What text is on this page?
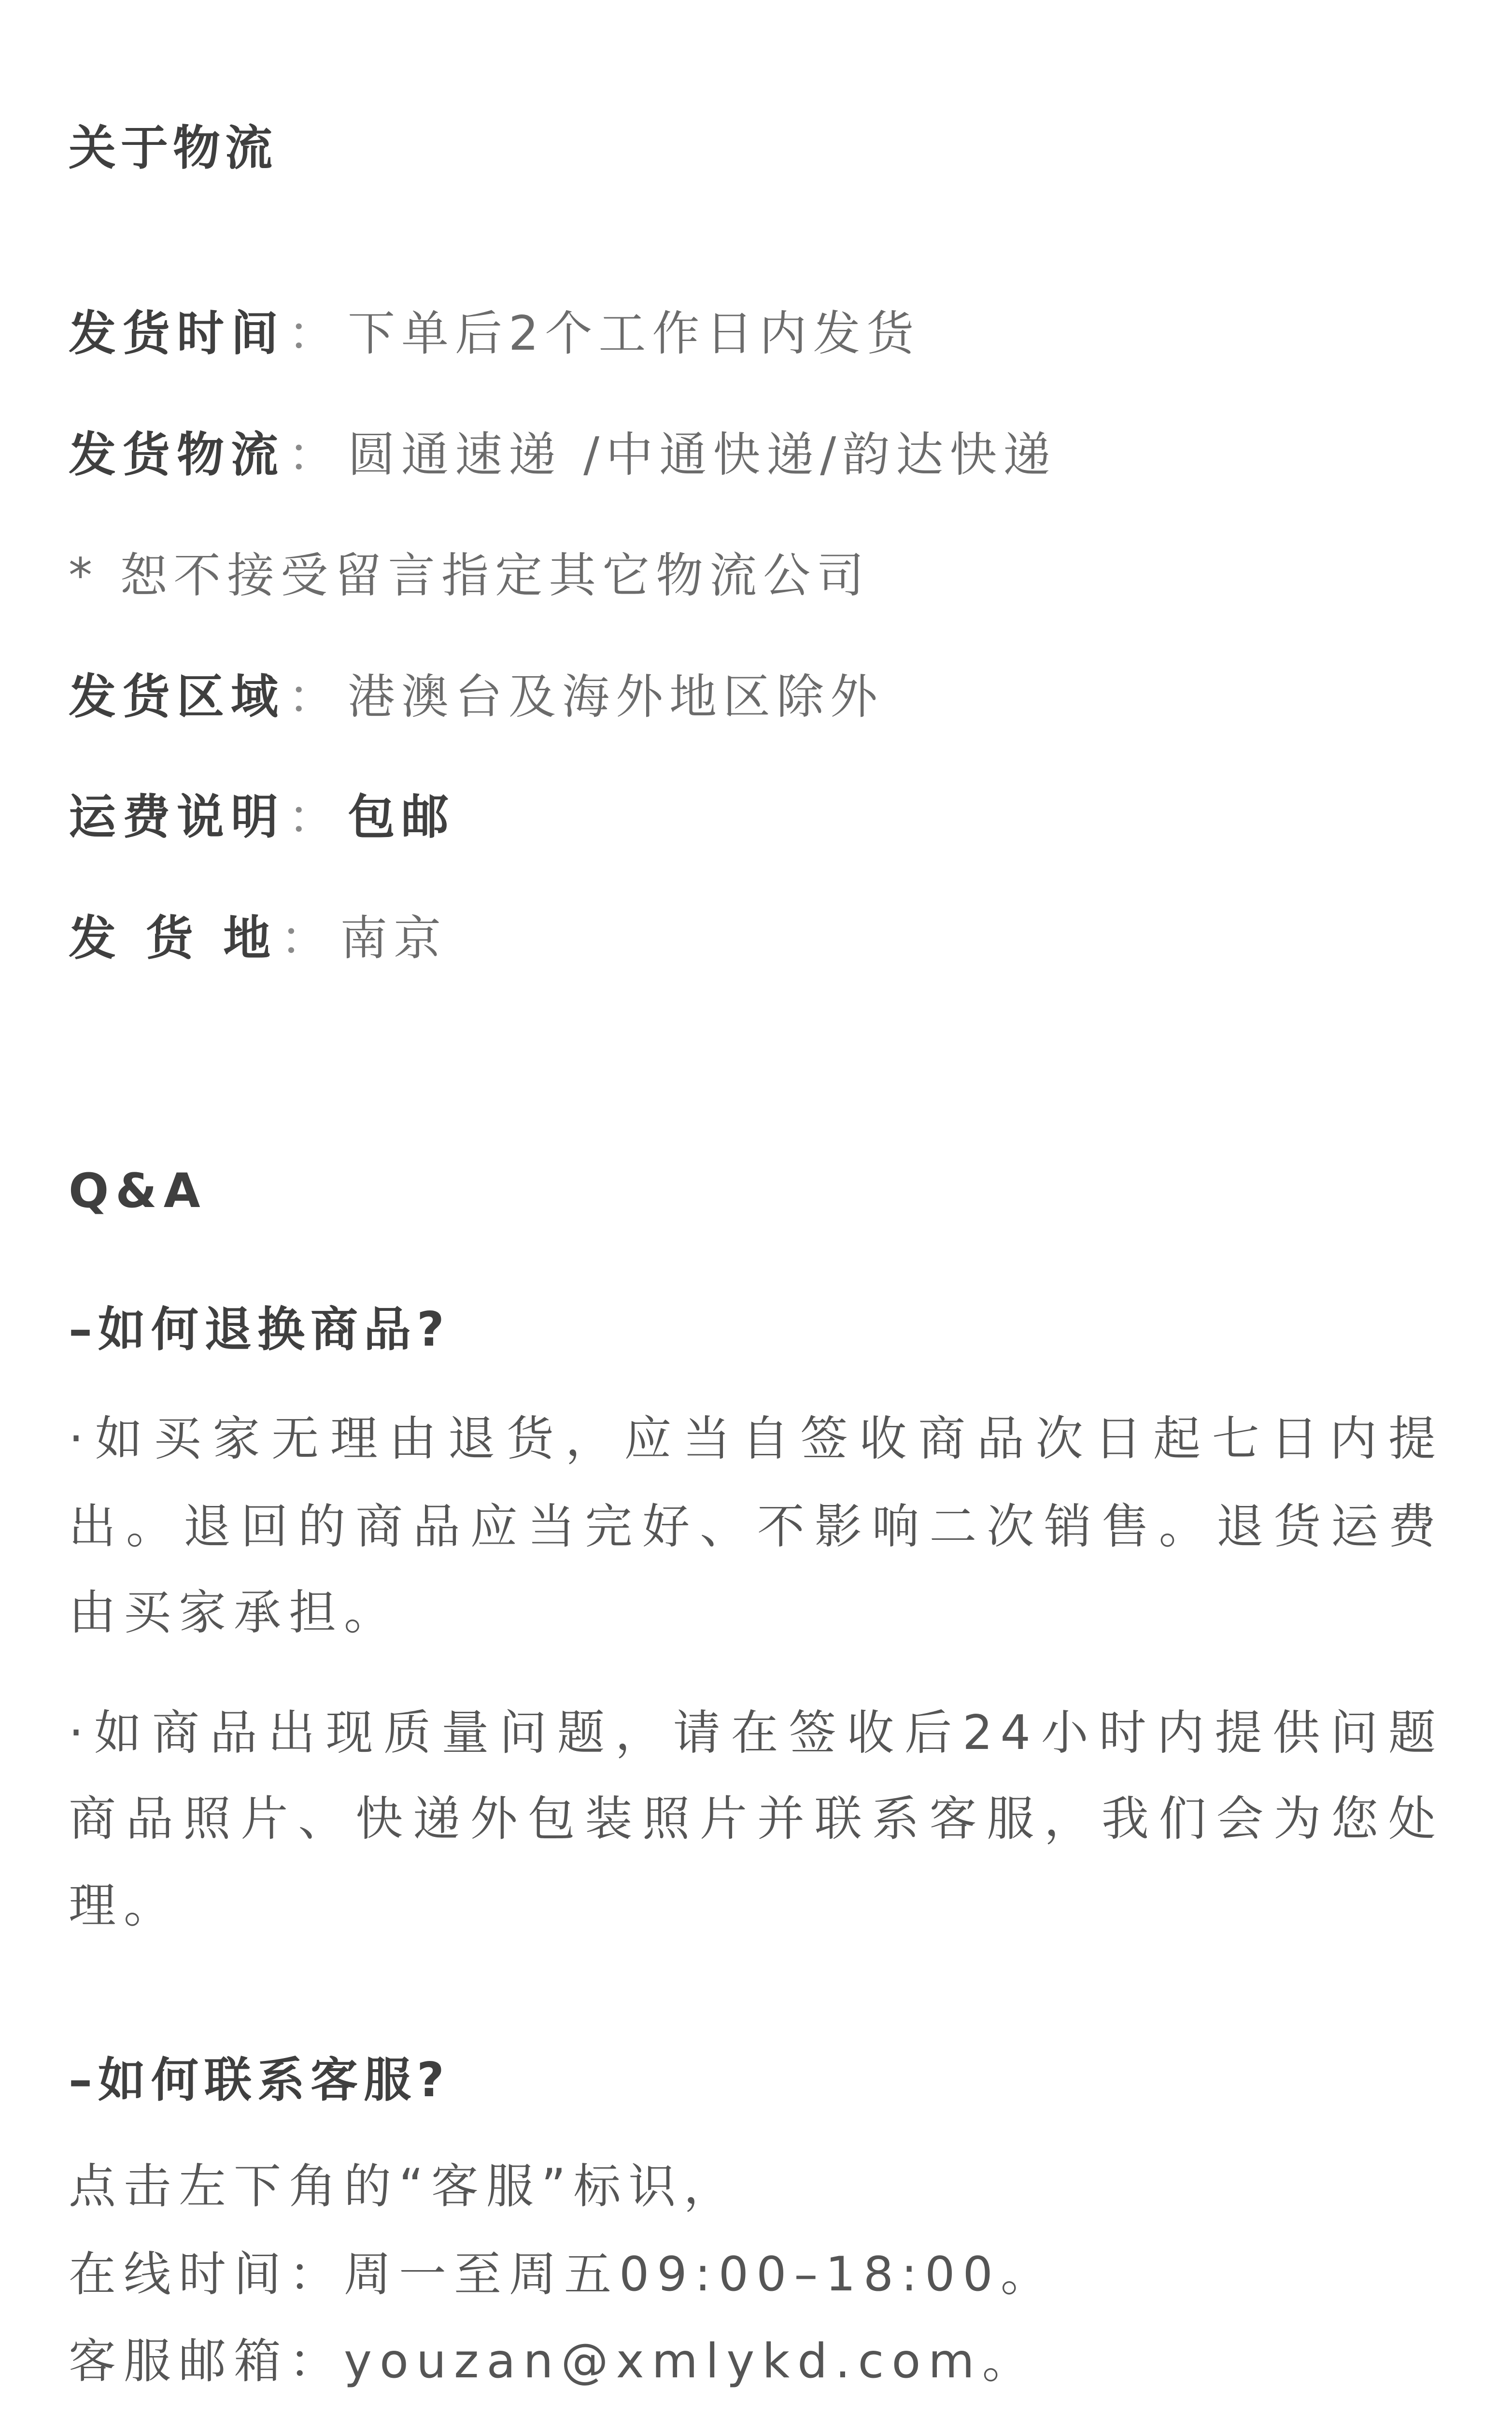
关于物流
发货时间： 下单后2个工作日内发货
发货物流： 圆通速递 /中通快递/韵达快递
* 恕不接受留言指定其它物流公司
发货区域： 港澳台及海外地区除外
运费说明： 包邮
发 货 地： 南京
Q&A
–如何退换商品?
·如买家无理由退货，应当自签收商品次日起七日内提
出。退回的商品应当完好、不影响二次销售。退货运费
由买家承担。
·如商品出现质量问题，请在签收后24小时内提供问题
商品照片、快递外包装照片并联系客服，我们会为您处
理。
–如何联系客服?
点击左下角的“客服”标识，
在线时间：周一至周五09:00–18:00。
客服邮箱：youzan@xmlykd.com。
